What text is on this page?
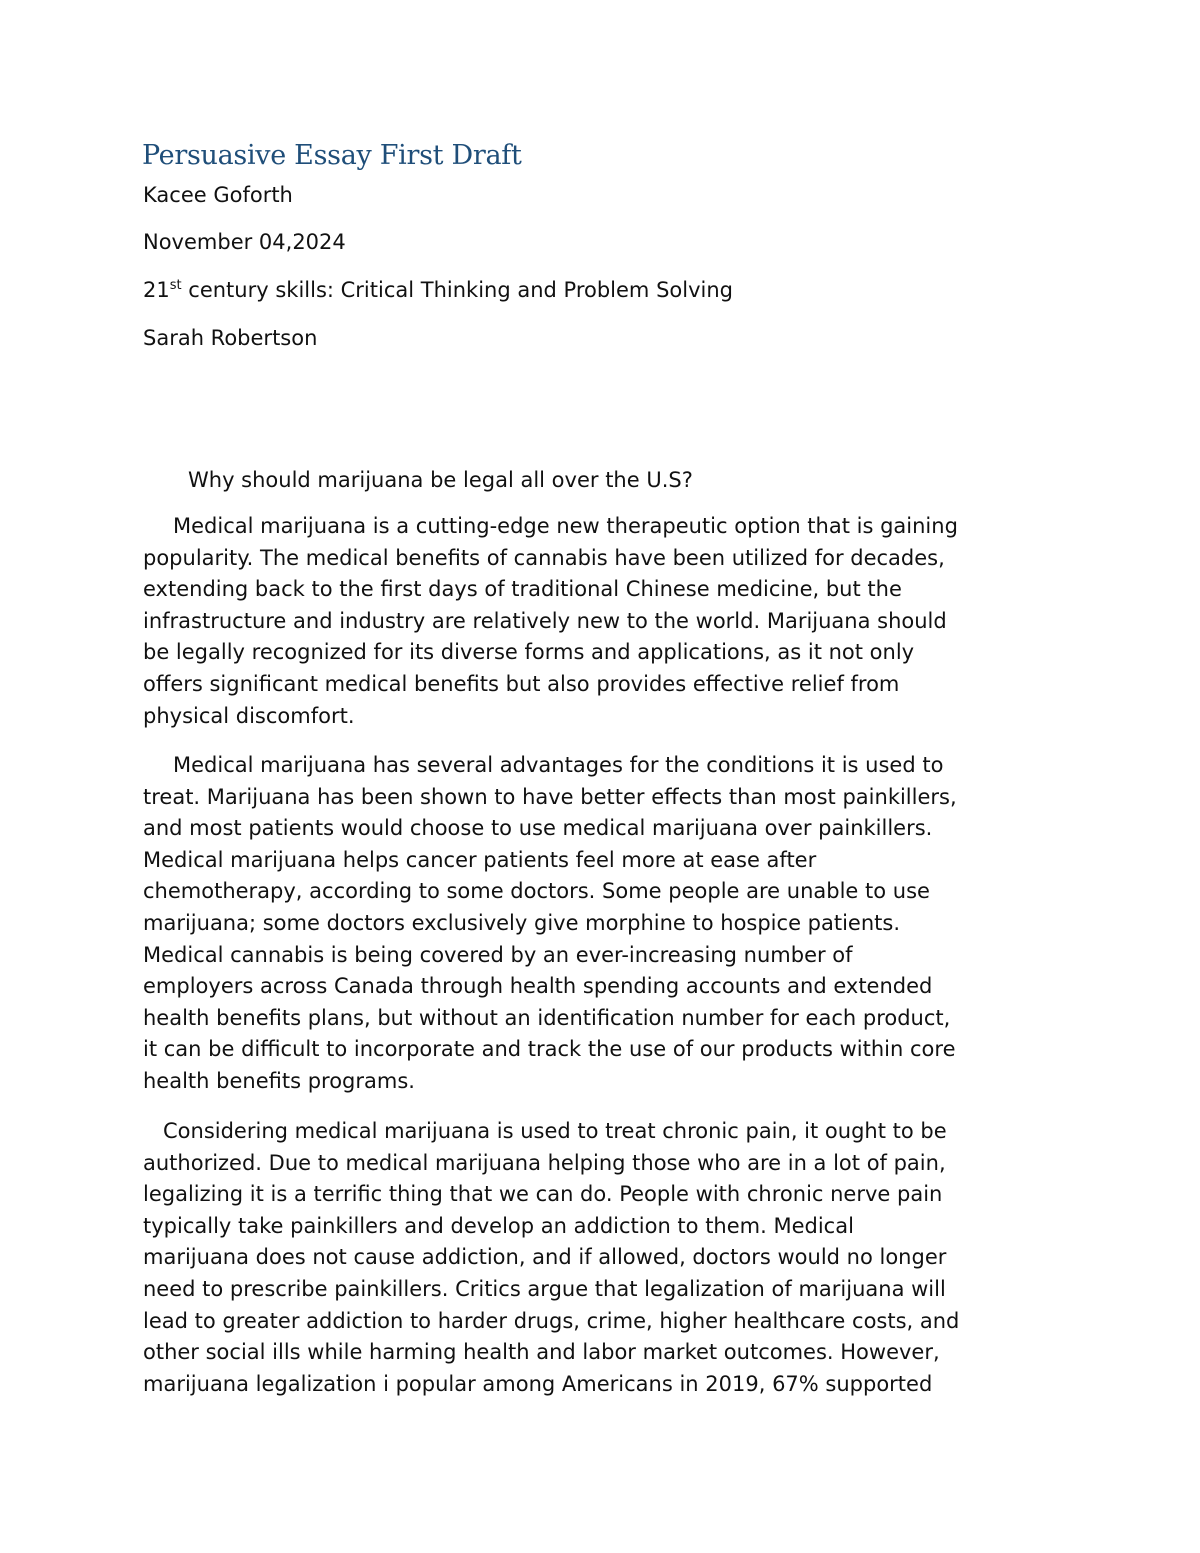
Persuasive Essay First Draft
Kacee Goforth
November 04,2024
21st century skills: Critical Thinking and Problem Solving
Sarah Robertson
Why should marijuana be legal all over the U.S?
Medical marijuana is a cutting-edge new therapeutic option that is gaining
popularity. The medical benefits of cannabis have been utilized for decades,
extending back to the first days of traditional Chinese medicine, but the
infrastructure and industry are relatively new to the world. Marijuana should
be legally recognized for its diverse forms and applications, as it not only
offers significant medical benefits but also provides effective relief from
physical discomfort.
Medical marijuana has several advantages for the conditions it is used to
treat. Marijuana has been shown to have better effects than most painkillers,
and most patients would choose to use medical marijuana over painkillers.
Medical marijuana helps cancer patients feel more at ease after
chemotherapy, according to some doctors. Some people are unable to use
marijuana; some doctors exclusively give morphine to hospice patients.
Medical cannabis is being covered by an ever-increasing number of
employers across Canada through health spending accounts and extended
health benefits plans, but without an identification number for each product,
it can be difficult to incorporate and track the use of our products within core
health benefits programs.
Considering medical marijuana is used to treat chronic pain, it ought to be
authorized. Due to medical marijuana helping those who are in a lot of pain,
legalizing it is a terrific thing that we can do. People with chronic nerve pain
typically take painkillers and develop an addiction to them. Medical
marijuana does not cause addiction, and if allowed, doctors would no longer
need to prescribe painkillers. Critics argue that legalization of marijuana will
lead to greater addiction to harder drugs, crime, higher healthcare costs, and
other social ills while harming health and labor market outcomes. However,
marijuana legalization i popular among Americans in 2019, 67% supported
